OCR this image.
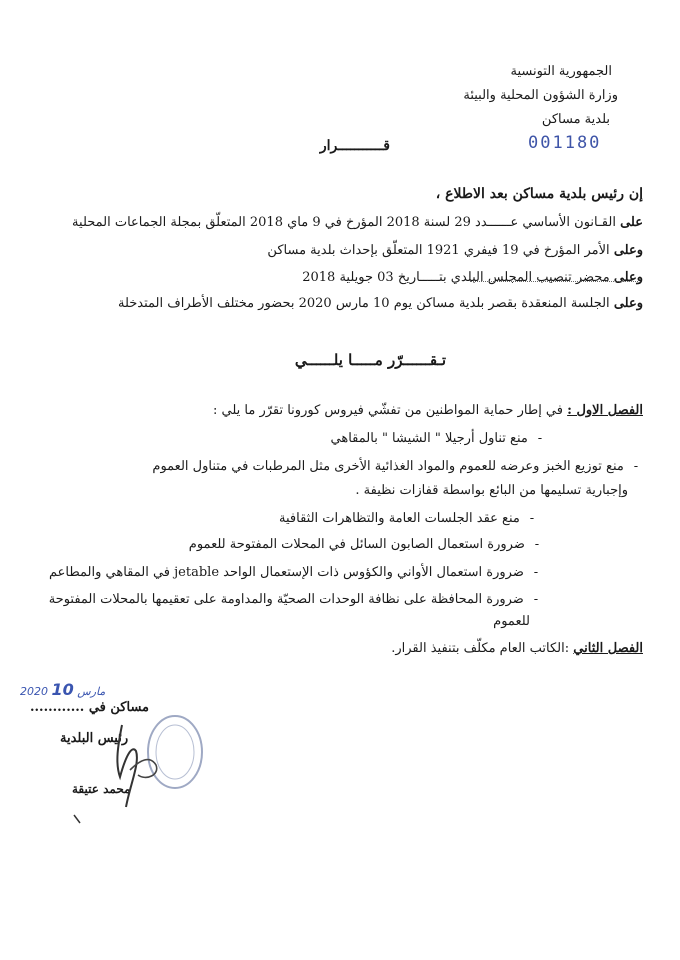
الجمهورية التونسية
وزارة الشؤون المحلية والبيئة
بلدية مساكن
001180
قـــــــــــرار
إن رئيس بلدية مساكن بعد الاطلاع ،
على القـانون الأساسي عــــــدد 29 لسنة 2018 المؤرخ في 9 ماي 2018 المتعلّق بمجلة الجماعات المحلية
وعلى الأمر المؤرخ في 19 فيفري 1921 المتعلّق بإحداث بلدية مساكن
وعلى محضر تنصيب المجلس البلدي بتـــــاريخ 03 جويلية 2018
وعلى الجلسة المنعقدة بقصر بلدية مساكن يوم 10 مارس 2020 بحضور مختلف الأطراف المتدخلة
تـقــــــرّر مـــــا يلــــــي
الفصل الاول : في إطار حماية المواطنين من تفشّي فيروس كورونا تقرّر ما يلي :
- منع تناول أرجيلا " الشيشا " بالمقاهي
- منع توزيع الخبز وعرضه للعموم والمواد الغذائية الأخرى مثل المرطبات في متناول العموم
وإجبارية تسليمها من البائع بواسطة قفازات نظيفة .
- منع عقد الجلسات العامة والتظاهرات الثقافية
- ضرورة استعمال الصابون السائل في المحلات المفتوحة للعموم
- ضرورة استعمال الأواني والكؤوس ذات الإستعمال الواحد jetable في المقاهي والمطاعم
- ضرورة المحافظة على نظافة الوحدات الصحيّة والمداومة على تعقيمها بالمحلات المفتوحة
للعموم
الفصل الثاني :الكاتب العام مكلّف بتنفيذ القرار.
2020	مارس 10
مساكن في ............
رئيس البلدية
محمد عتيقة
